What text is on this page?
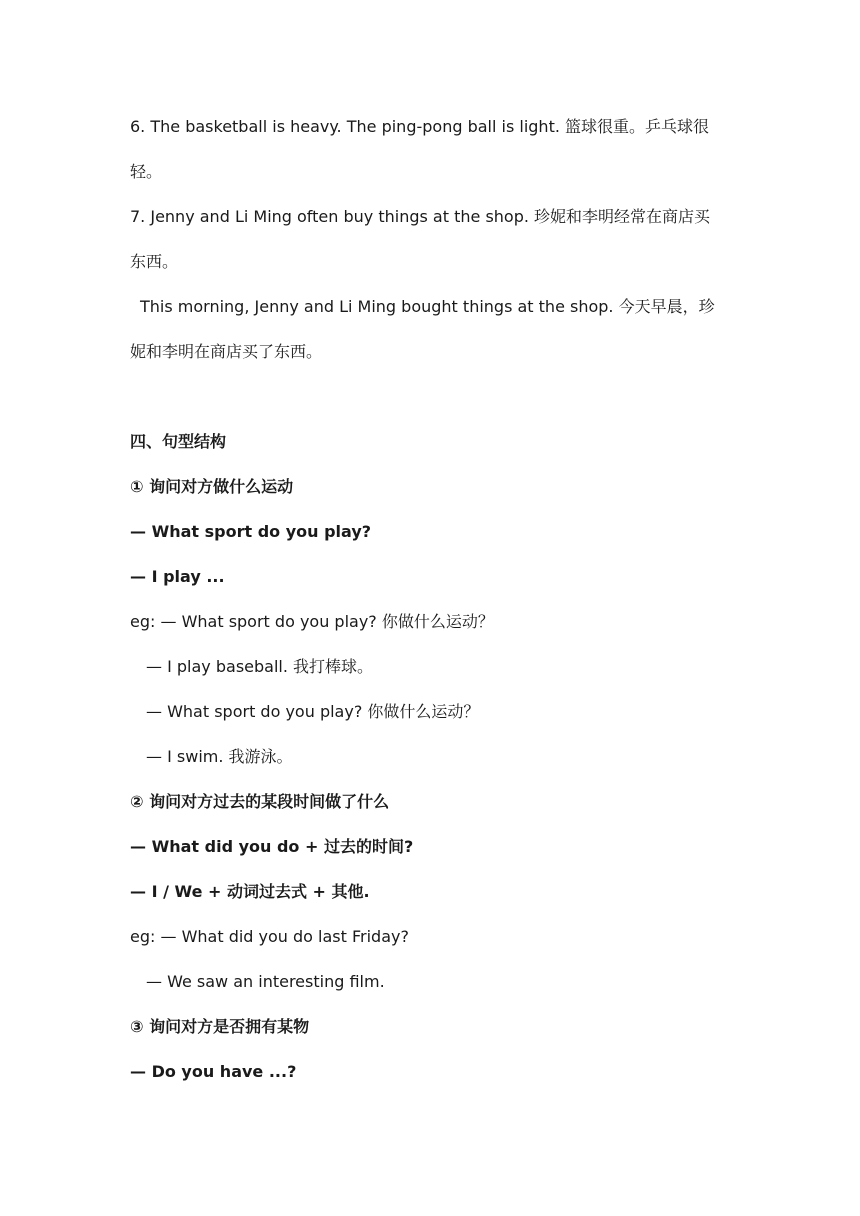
6. The basketball is heavy. The ping-pong ball is light. 篮球很重。乒乓球很
轻。
7. Jenny and Li Ming often buy things at the shop. 珍妮和李明经常在商店买
东西。
This morning, Jenny and Li Ming bought things at the shop. 今天早晨，珍
妮和李明在商店买了东西。
四、句型结构
① 询问对方做什么运动
— What sport do you play?
— I play ...
eg: — What sport do you play? 你做什么运动？
— I play baseball. 我打棒球。
— What sport do you play? 你做什么运动？
— I swim. 我游泳。
② 询问对方过去的某段时间做了什么
— What did you do + 过去的时间?
— I / We + 动词过去式 + 其他.
eg: — What did you do last Friday?
— We saw an interesting film.
③ 询问对方是否拥有某物
— Do you have ...?
